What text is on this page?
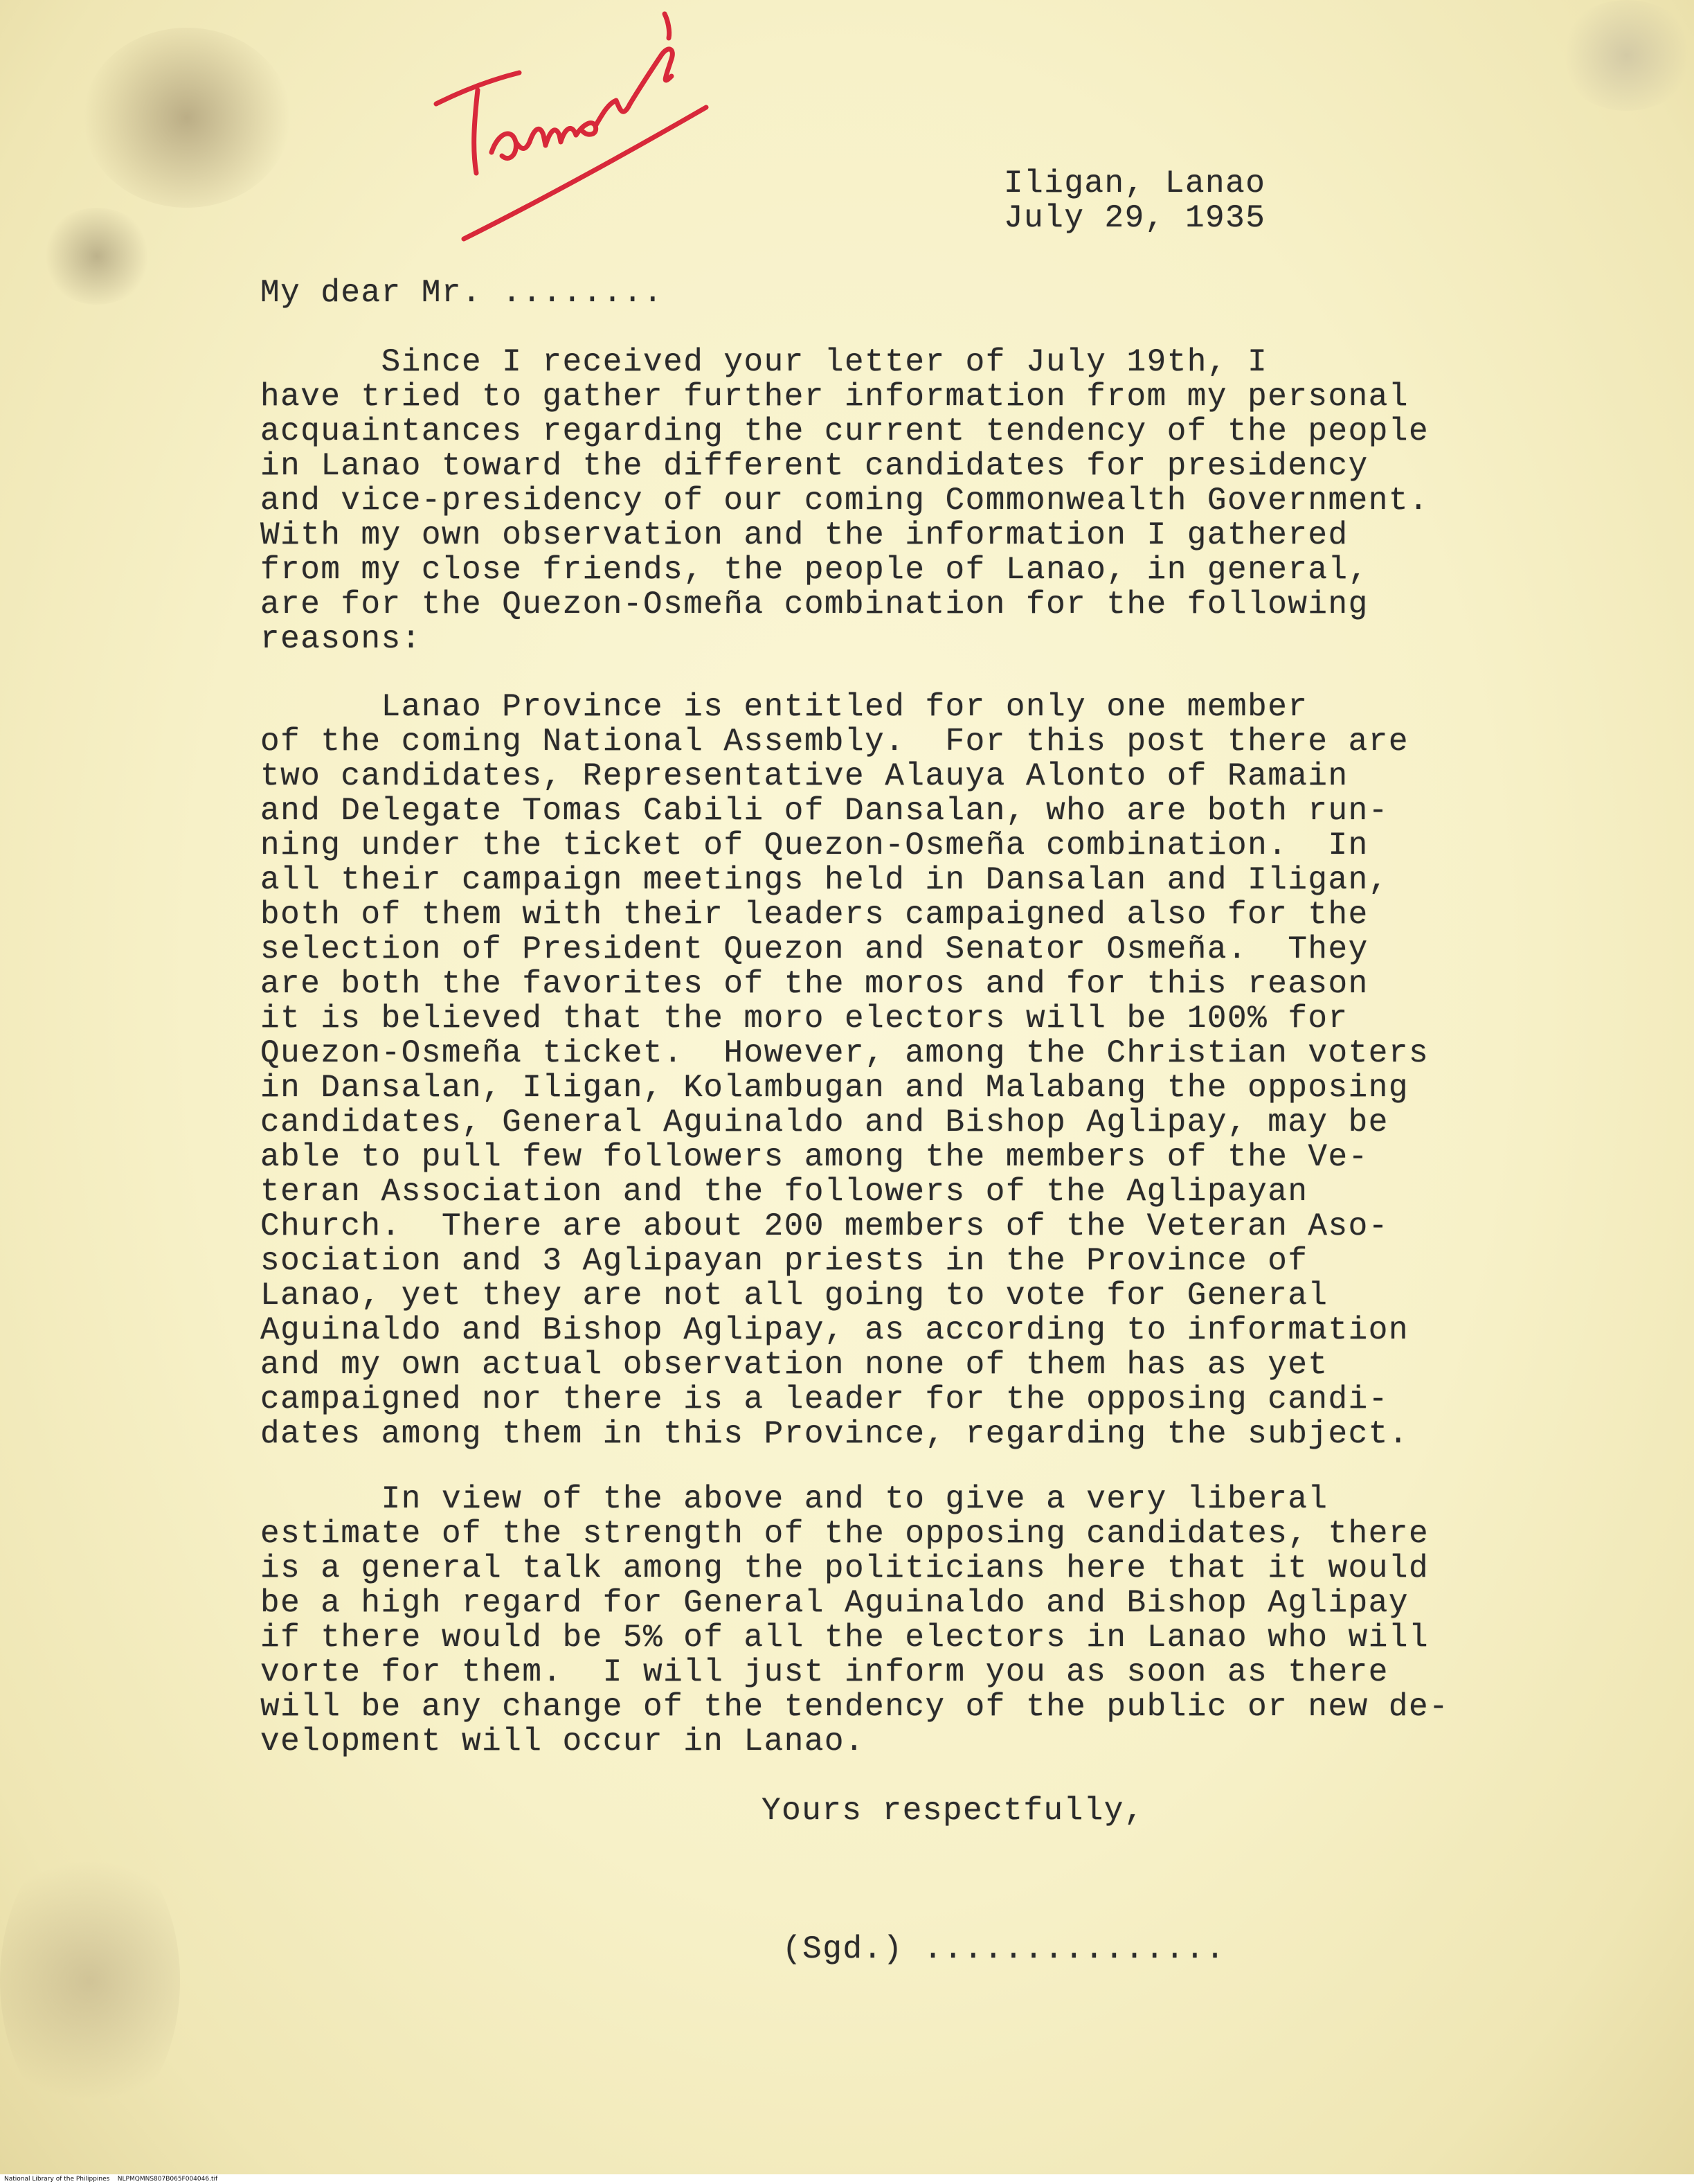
Iligan, Lanao
July 29, 1935
My dear Mr. ........
Since I received your letter of July 19th, I
have tried to gather further information from my personal
acquaintances regarding the current tendency of the people
in Lanao toward the different candidates for presidency
and vice-presidency of our coming Commonwealth Government.
With my own observation and the information I gathered
from my close friends, the people of Lanao, in general,
are for the Quezon-Osmeña combination for the following
reasons:
Lanao Province is entitled for only one member
of the coming National Assembly.  For this post there are
two candidates, Representative Alauya Alonto of Ramain
and Delegate Tomas Cabili of Dansalan, who are both run-
ning under the ticket of Quezon-Osmeña combination.  In
all their campaign meetings held in Dansalan and Iligan,
both of them with their leaders campaigned also for the
selection of President Quezon and Senator Osmeña.  They
are both the favorites of the moros and for this reason
it is believed that the moro electors will be 100% for
Quezon-Osmeña ticket.  However, among the Christian voters
in Dansalan, Iligan, Kolambugan and Malabang the opposing
candidates, General Aguinaldo and Bishop Aglipay, may be
able to pull few followers among the members of the Ve-
teran Association and the followers of the Aglipayan
Church.  There are about 200 members of the Veteran Aso-
sociation and 3 Aglipayan priests in the Province of
Lanao, yet they are not all going to vote for General
Aguinaldo and Bishop Aglipay, as according to information
and my own actual observation none of them has as yet
campaigned nor there is a leader for the opposing candi-
dates among them in this Province, regarding the subject.
In view of the above and to give a very liberal
estimate of the strength of the opposing candidates, there
is a general talk among the politicians here that it would
be a high regard for General Aguinaldo and Bishop Aglipay
if there would be 5% of all the electors in Lanao who will
vorte for them.  I will just inform you as soon as there
will be any change of the tendency of the public or new de-
velopment will occur in Lanao.
Yours respectfully,
(Sgd.) ...............
National Library of the Philippines    NLPMQMNS807B065F004046.tif
